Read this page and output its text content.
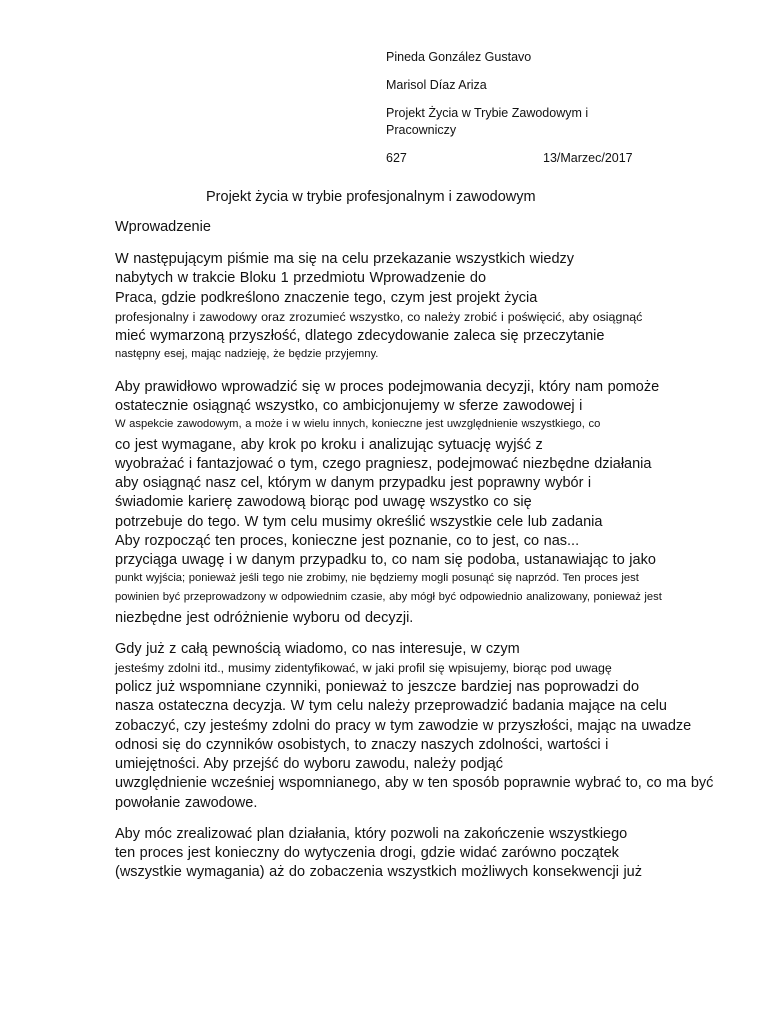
Pineda González Gustavo
Marisol Díaz Ariza
Projekt Życia w Trybie Zawodowym i
Pracowniczy
627	13/Marzec/2017
Projekt życia w trybie profesjonalnym i zawodowym
Wprowadzenie
W następującym piśmie ma się na celu przekazanie wszystkich wiedzy
nabytych w trakcie Bloku 1 przedmiotu Wprowadzenie do
Praca, gdzie podkreślono znaczenie tego, czym jest projekt życia
profesjonalny i zawodowy oraz zrozumieć wszystko, co należy zrobić i poświęcić, aby osiągnąć
mieć wymarzoną przyszłość, dlatego zdecydowanie zaleca się przeczytanie
następny esej, mając nadzieję, że będzie przyjemny.
Aby prawidłowo wprowadzić się w proces podejmowania decyzji, który nam pomoże
ostatecznie osiągnąć wszystko, co ambicjonujemy w sferze zawodowej i
W aspekcie zawodowym, a może i w wielu innych, konieczne jest uwzględnienie wszystkiego, co
co jest wymagane, aby krok po kroku i analizując sytuację wyjść z
wyobrażać i fantazjować o tym, czego pragniesz, podejmować niezbędne działania
aby osiągnąć nasz cel, którym w danym przypadku jest poprawny wybór i
świadomie karierę zawodową biorąc pod uwagę wszystko co się
potrzebuje do tego. W tym celu musimy określić wszystkie cele lub zadania
Aby rozpocząć ten proces, konieczne jest poznanie, co to jest, co nas...
przyciąga uwagę i w danym przypadku to, co nam się podoba, ustanawiając to jako
punkt wyjścia; ponieważ jeśli tego nie zrobimy, nie będziemy mogli posunąć się naprzód. Ten proces jest
powinien być przeprowadzony w odpowiednim czasie, aby mógł być odpowiednio analizowany, ponieważ jest
niezbędne jest odróżnienie wyboru od decyzji.
Gdy już z całą pewnością wiadomo, co nas interesuje, w czym
jesteśmy zdolni itd., musimy zidentyfikować, w jaki profil się wpisujemy, biorąc pod uwagę
policz już wspomniane czynniki, ponieważ to jeszcze bardziej nas poprowadzi do
nasza ostateczna decyzja. W tym celu należy przeprowadzić badania mające na celu
zobaczyć, czy jesteśmy zdolni do pracy w tym zawodzie w przyszłości, mając na uwadze
odnosi się do czynników osobistych, to znaczy naszych zdolności, wartości i
umiejętności. Aby przejść do wyboru zawodu, należy podjąć
uwzględnienie wcześniej wspomnianego, aby w ten sposób poprawnie wybrać to, co ma być
powołanie zawodowe.
Aby móc zrealizować plan działania, który pozwoli na zakończenie wszystkiego
ten proces jest konieczny do wytyczenia drogi, gdzie widać zarówno początek
(wszystkie wymagania) aż do zobaczenia wszystkich możliwych konsekwencji już
